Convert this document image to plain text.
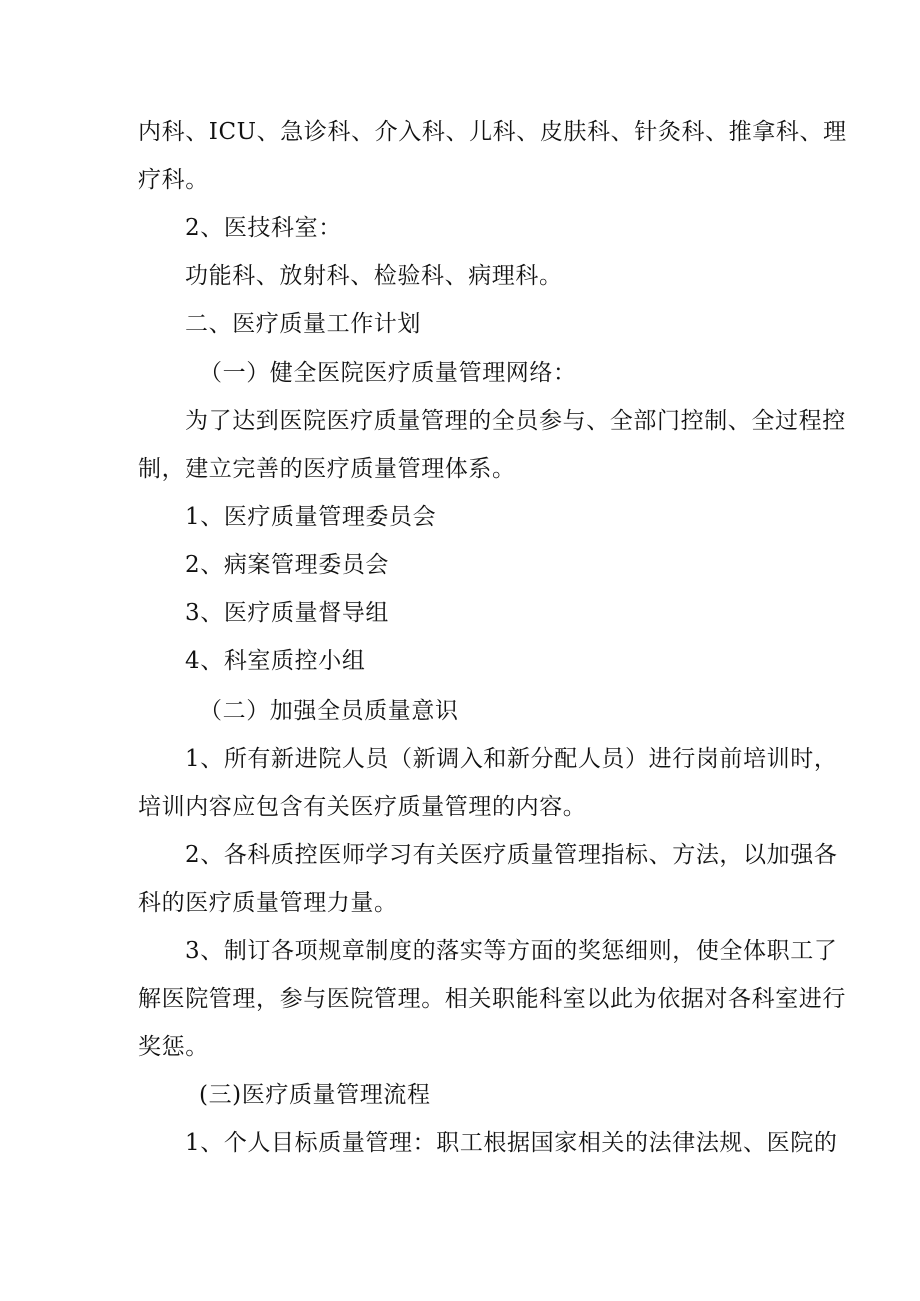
内科、ICU、急诊科、介入科、儿科、皮肤科、针灸科、推拿科、理
疗科。
2、医技科室：
功能科、放射科、检验科、病理科。
二、医疗质量工作计划
（一）健全医院医疗质量管理网络：
为了达到医院医疗质量管理的全员参与、全部门控制、全过程控
制，建立完善的医疗质量管理体系。
1、医疗质量管理委员会
2、病案管理委员会
3、医疗质量督导组
4、科室质控小组
（二）加强全员质量意识
1、所有新进院人员（新调入和新分配人员）进行岗前培训时，
培训内容应包含有关医疗质量管理的内容。
2、各科质控医师学习有关医疗质量管理指标、方法，以加强各
科的医疗质量管理力量。
3、制订各项规章制度的落实等方面的奖惩细则，使全体职工了
解医院管理，参与医院管理。相关职能科室以此为依据对各科室进行
奖惩。
(三)医疗质量管理流程
1、个人目标质量管理：职工根据国家相关的法律法规、医院的
